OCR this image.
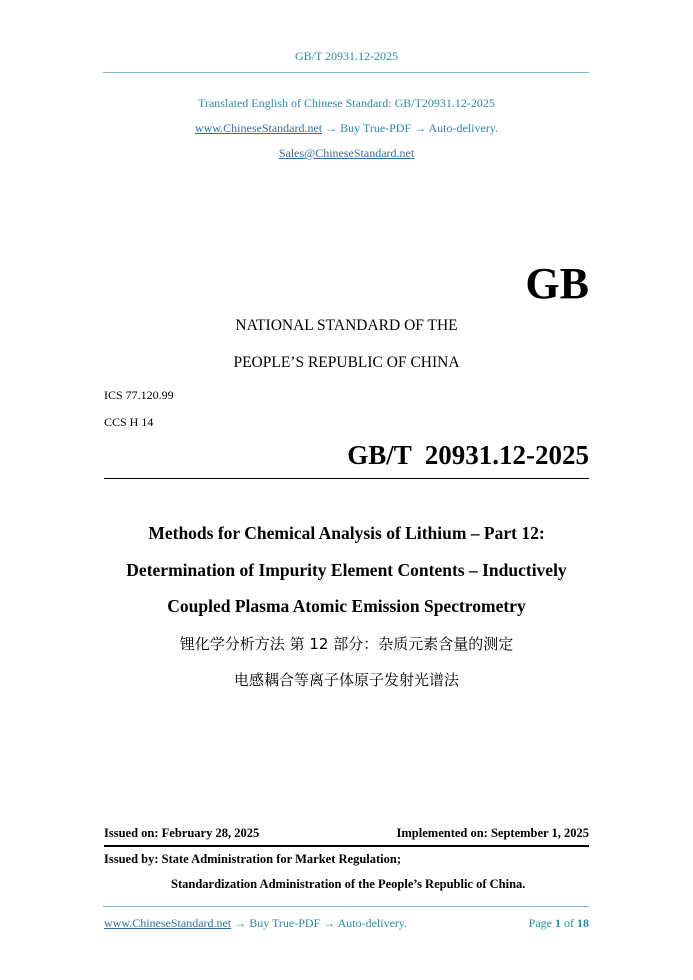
GB/T 20931.12-2025
Translated English of Chinese Standard: GB/T20931.12-2025
www.ChineseStandard.net → Buy True-PDF → Auto-delivery.
Sales@ChineseStandard.net
GB
NATIONAL STANDARD OF THE
PEOPLE’S REPUBLIC OF CHINA
ICS 77.120.99
CCS H 14
GB/T  20931.12-2025
Methods for Chemical Analysis of Lithium – Part 12:
Determination of Impurity Element Contents – Inductively
Coupled Plasma Atomic Emission Spectrometry
锂化学分析方法 第 12 部分：杂质元素含量的测定
电感耦合等离子体原子发射光谱法
Issued on: February 28, 2025	Implemented on: September 1, 2025
Issued by: State Administration for Market Regulation;
Standardization Administration of the People’s Republic of China.
www.ChineseStandard.net → Buy True-PDF → Auto-delivery.	Page 1 of 18
